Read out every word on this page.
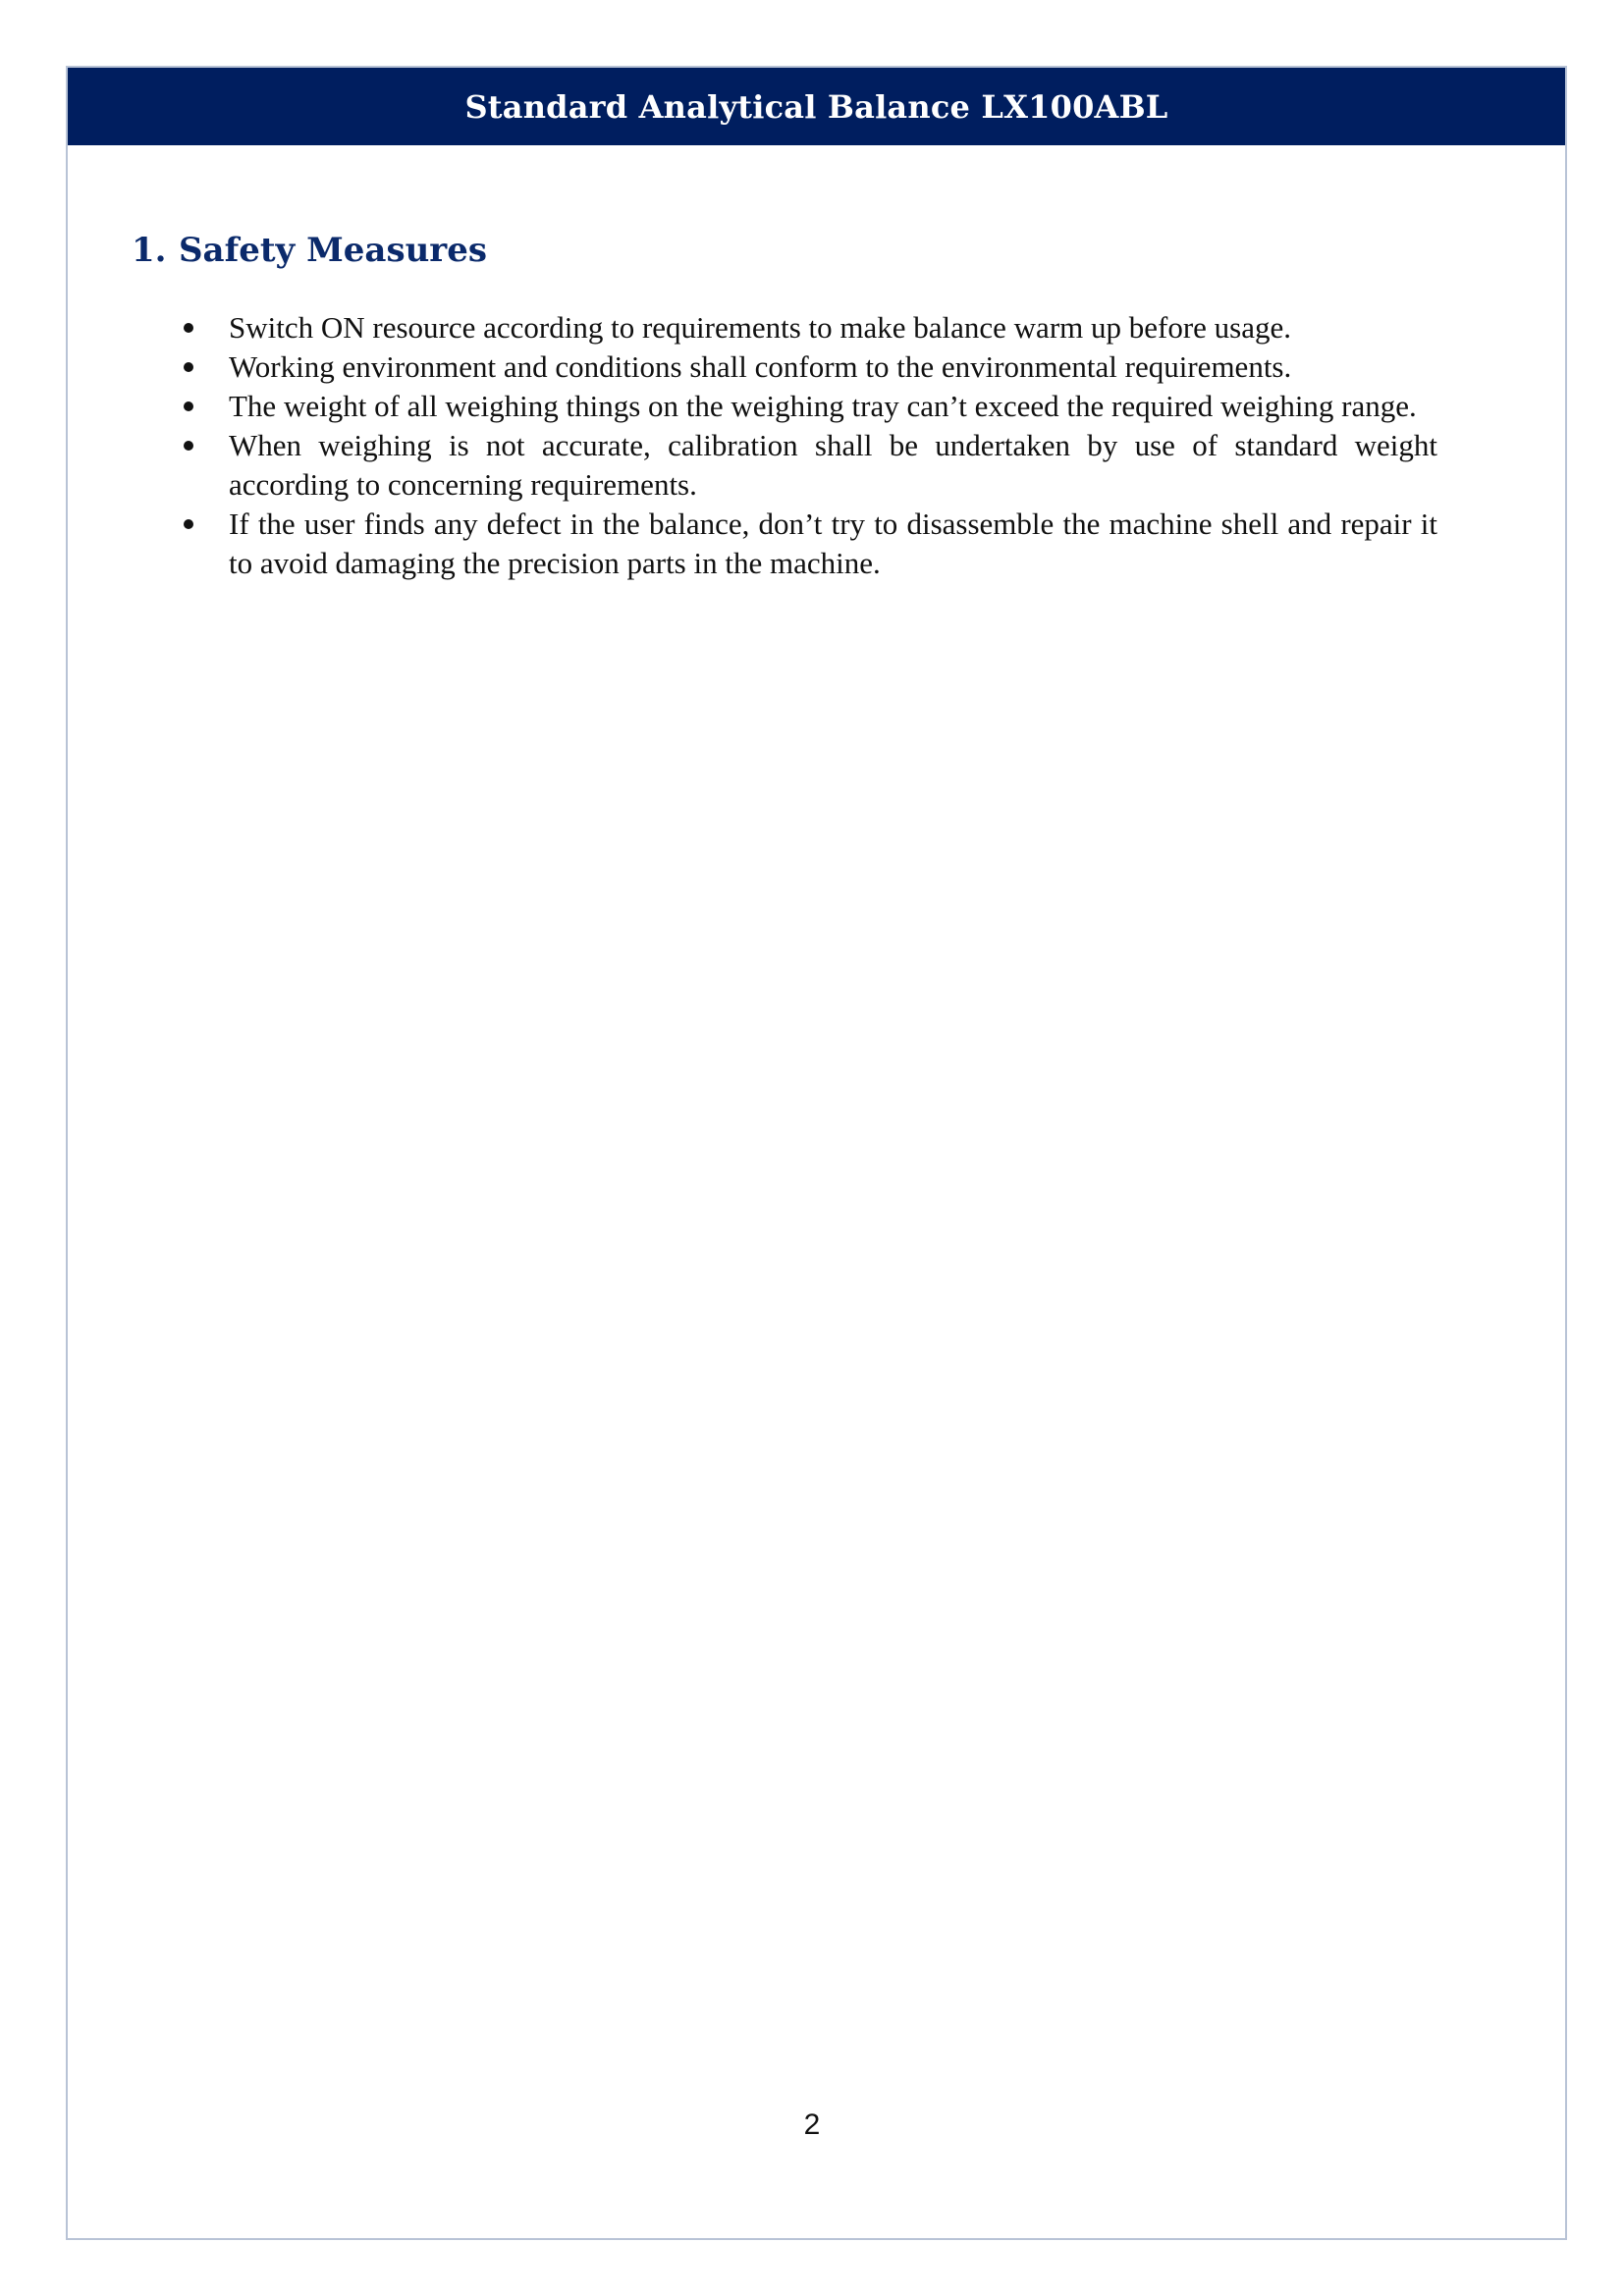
Standard Analytical Balance LX100ABL
1. Safety Measures
Switch ON resource according to requirements to make balance warm up before usage.
Working environment and conditions shall conform to the environmental requirements.
The weight of all weighing things on the weighing tray can’t exceed the required weighing range.
When weighing is not accurate, calibration shall be undertaken by use of standard weight according to concerning requirements.
If the user finds any defect in the balance, don’t try to disassemble the machine shell and repair it to avoid damaging the precision parts in the machine.
2
